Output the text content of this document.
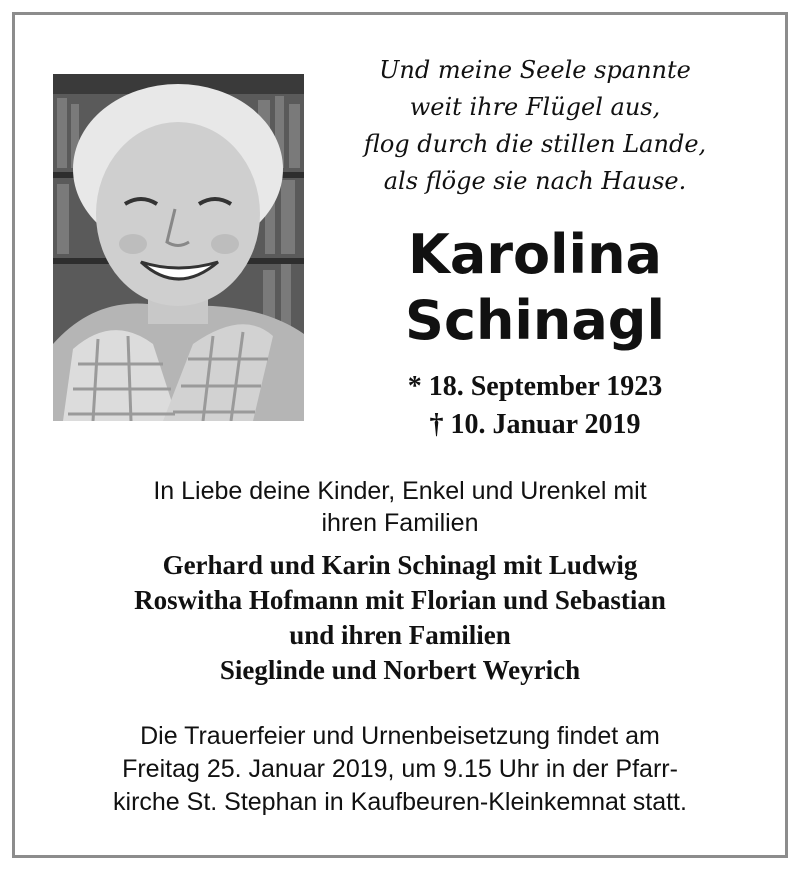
Und meine Seele spannte
weit ihre Flügel aus,
flog durch die stillen Lande,
als flöge sie nach Hause.
Karolina
Schinagl
* 18. September 1923
† 10. Januar 2019
In Liebe deine Kinder, Enkel und Urenkel mit
ihren Familien
Gerhard und Karin Schinagl mit Ludwig
Roswitha Hofmann mit Florian und Sebastian
und ihren Familien
Sieglinde und Norbert Weyrich
Die Trauerfeier und Urnenbeisetzung findet am
Freitag 25. Januar 2019, um 9.15 Uhr in der Pfarr-
kirche St. Stephan in Kaufbeuren-Kleinkemnat statt.
